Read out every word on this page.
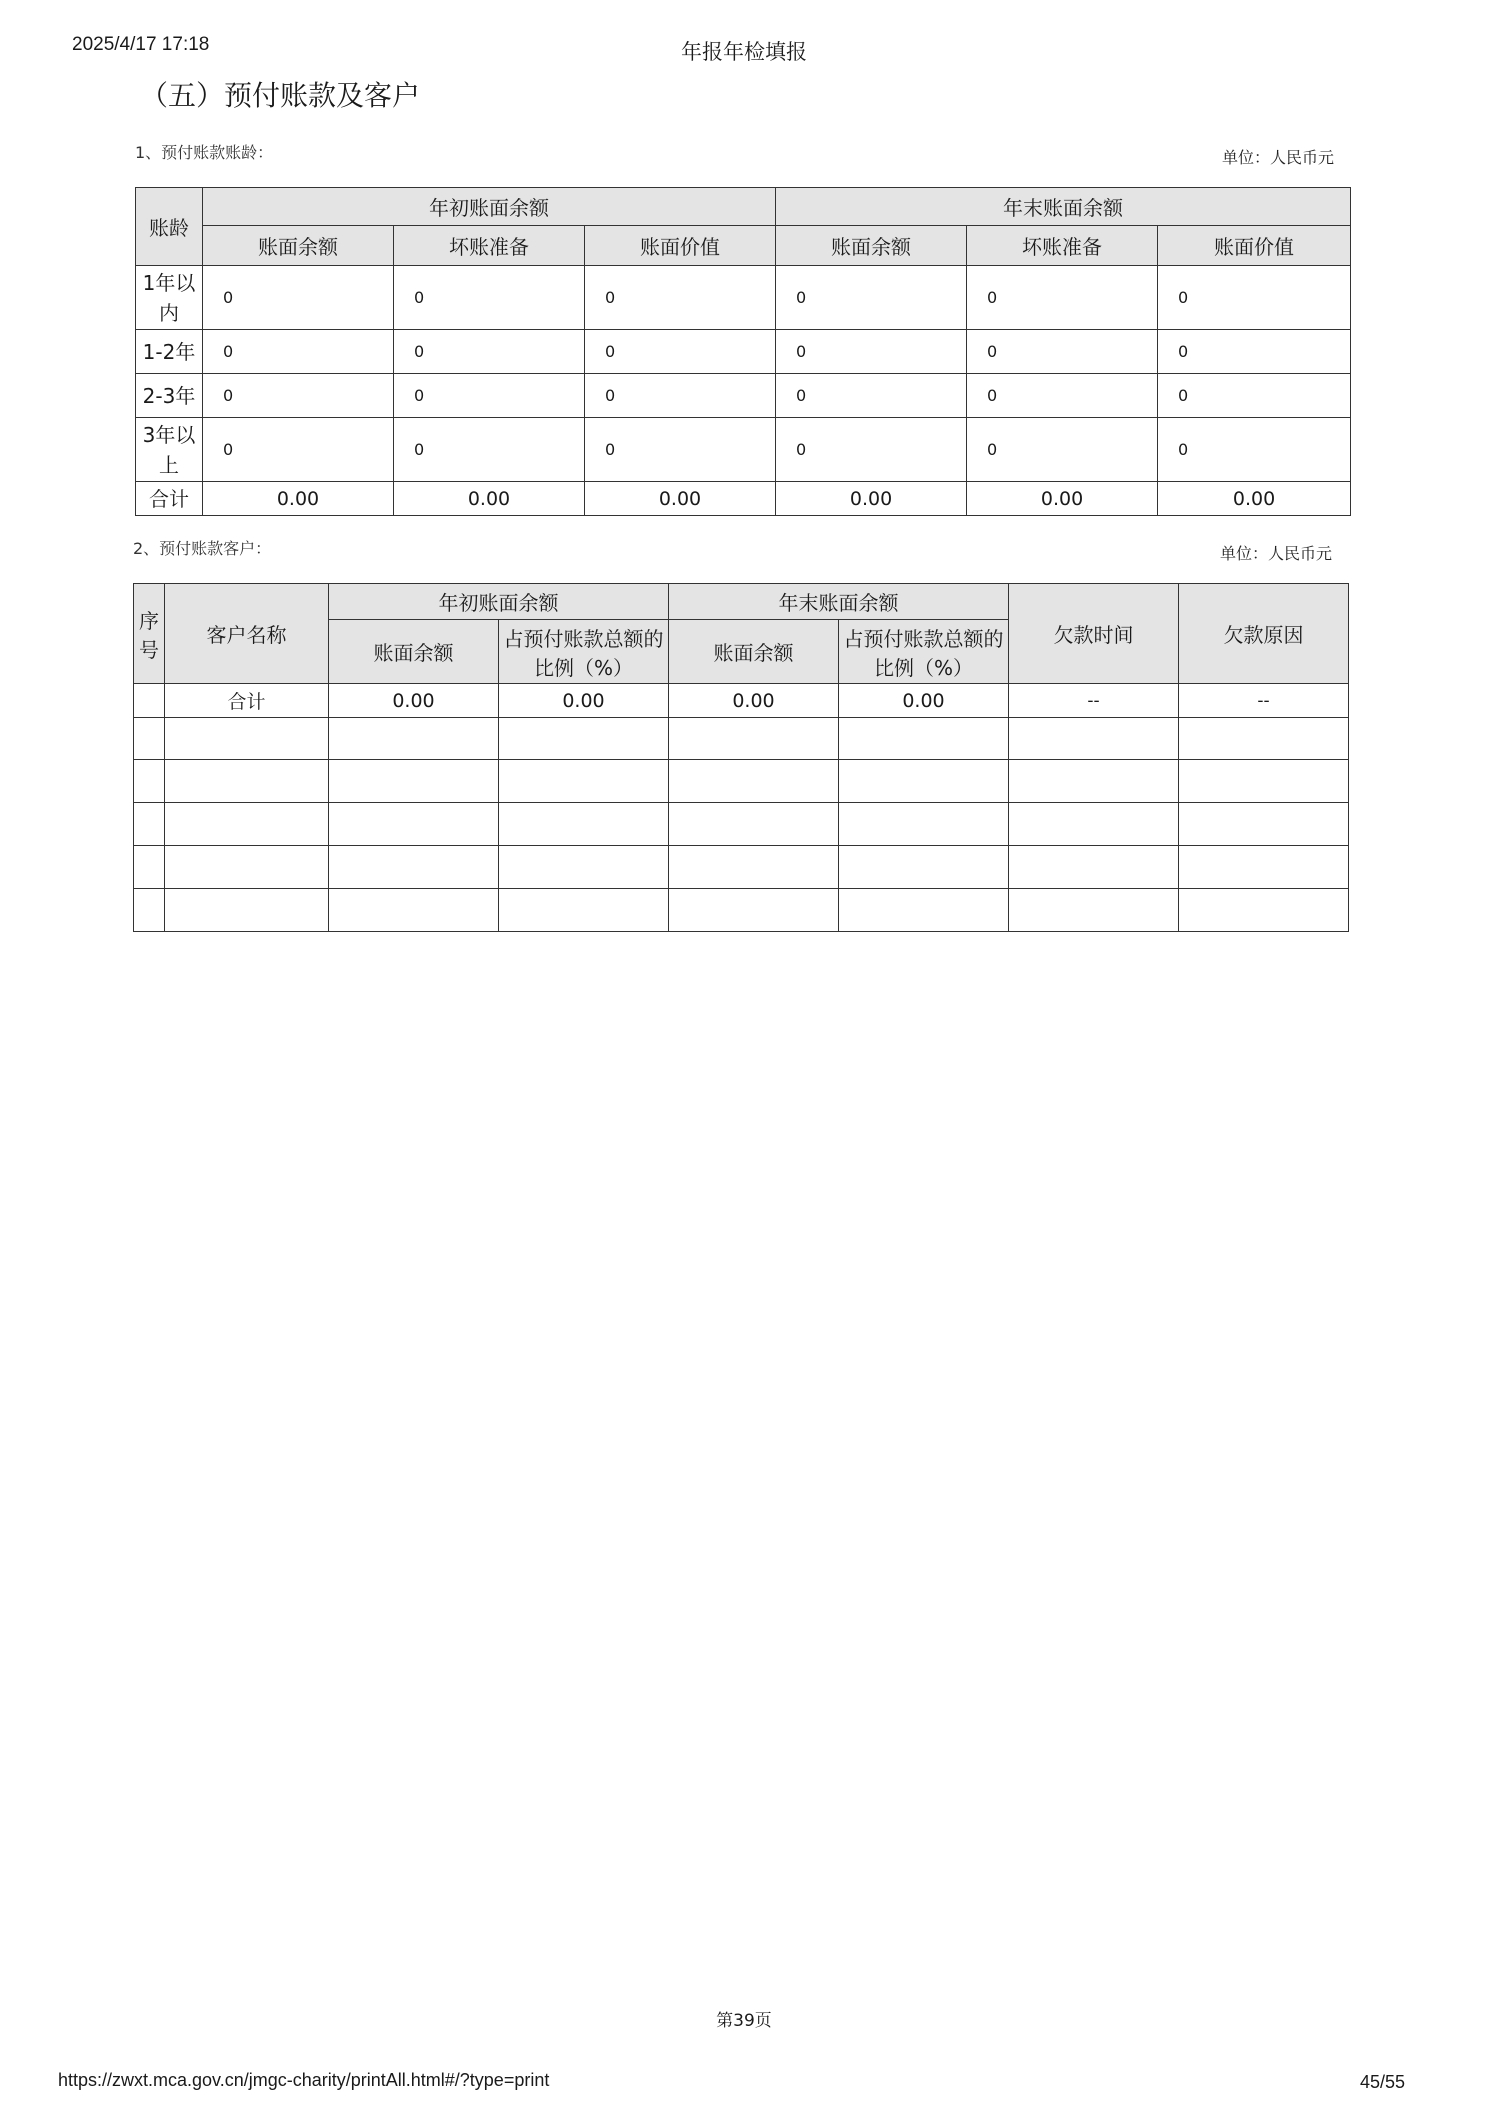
2025/4/17 17:18	年报年检填报
（五）预付账款及客户
1、预付账款账龄：	单位：人民币元
账龄	年初账面余额			年末账面余额		
	账面余额	坏账准备	账面价值	账面余额	坏账准备	账面价值
1年以内	0	0	0	0	0	0
1-2年	0	0	0	0	0	0
2-3年	0	0	0	0	0	0
3年以上	0	0	0	0	0	0
合计	0.00	0.00	0.00	0.00	0.00	0.00
2、预付账款客户：	单位：人民币元
序号	客户名称	年初账面余额		年末账面余额		欠款时间	欠款原因
		账面余额	占预付账款总额的比例（%）	账面余额	占预付账款总额的比例（%）		
	合计	0.00	0.00	0.00	0.00	--	--

第39页
https://zwxt.mca.gov.cn/jmgc-charity/printAll.html#/?type=print	45/55
